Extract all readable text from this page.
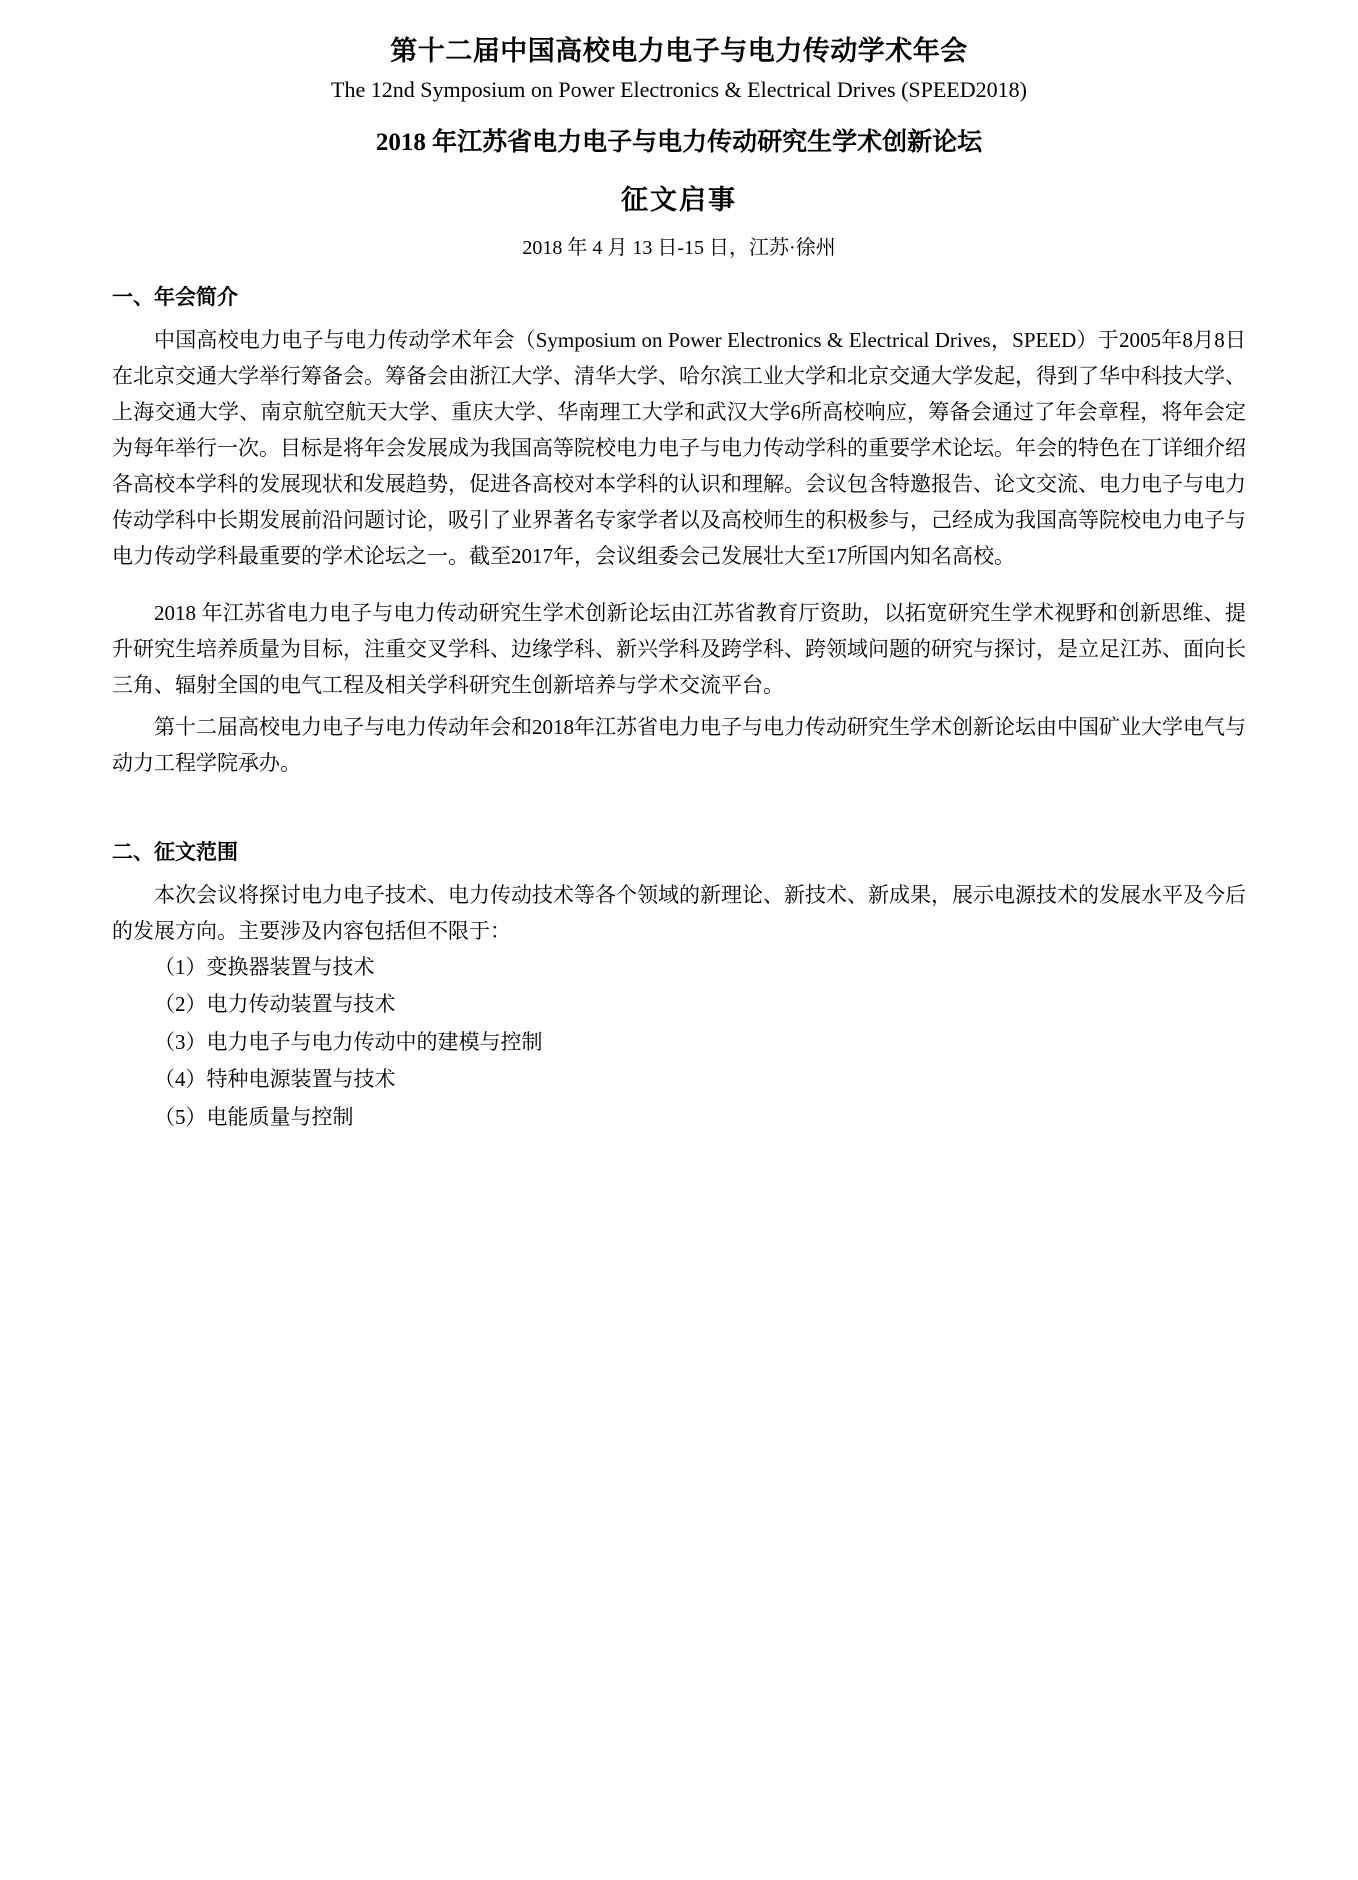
第十二届中国高校电力电子与电力传动学术年会
The 12nd Symposium on Power Electronics & Electrical Drives (SPEED2018)
2018 年江苏省电力电子与电力传动研究生学术创新论坛
征文启事
2018 年 4 月 13 日-15 日，江苏·徐州
一、年会简介

中国高校电力电子与电力传动学术年会（Symposium on Power Electronics & Electrical Drives，SPEED）于2005年8月8日在北京交通大学举行筹备会。筹备会由浙江大学、清华大学、哈尔滨工业大学和北京交通大学发起，得到了华中科技大学、上海交通大学、南京航空航天大学、重庆大学、华南理工大学和武汉大学6所高校响应，筹备会通过了年会章程，将年会定为每年举行一次。目标是将年会发展成为我国高等院校电力电子与电力传动学科的重要学术论坛。年会的特色在丁详细介绍各高校本学科的发展现状和发展趋势，促进各高校对本学科的认识和理解。会议包含特邀报告、论文交流、电力电子与电力传动学科中长期发展前沿问题讨论，吸引了业界著名专家学者以及高校师生的积极参与，己经成为我国高等院校电力电子与电力传动学科最重要的学术论坛之一。截至2017年，会议组委会己发展壮大至17所国内知名高校。

2018 年江苏省电力电子与电力传动研究生学术创新论坛由江苏省教育厅资助，以拓宽研究生学术视野和创新思维、提升研究生培养质量为目标，注重交叉学科、边缘学科、新兴学科及跨学科、跨领域问题的研究与探讨，是立足江苏、面向长三角、辐射全国的电气工程及相关学科研究生创新培养与学术交流平台。

第十二届高校电力电子与电力传动年会和2018年江苏省电力电子与电力传动研究生学术创新论坛由中国矿业大学电气与动力工程学院承办。

二、征文范围

本次会议将探讨电力电子技术、电力传动技术等各个领域的新理论、新技术、新成果，展示电源技术的发展水平及今后的发展方向。主要涉及内容包括但不限于：

（1）变换器装置与技术
（2）电力传动装置与技术
（3）电力电子与电力传动中的建模与控制
（4）特种电源装置与技术
（5）电能质量与控制
